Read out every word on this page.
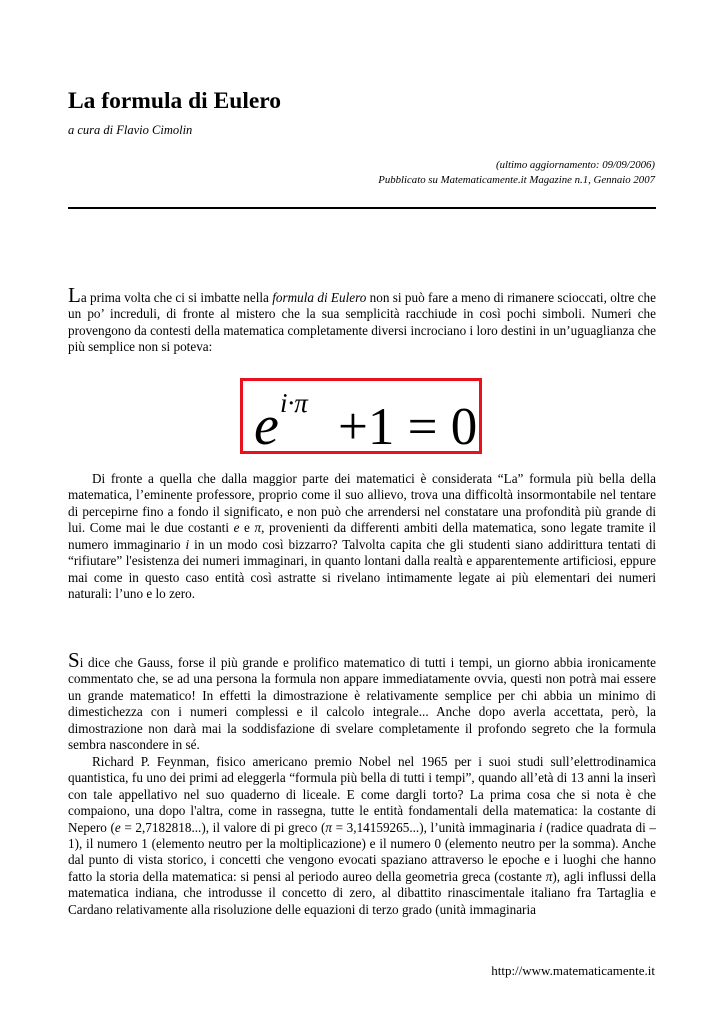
La formula di Eulero
a cura di Flavio Cimolin
(ultimo aggiornamento: 09/09/2006)
Pubblicato su Matematicamente.it Magazine n.1, Gennaio 2007

La prima volta che ci si imbatte nella formula di Eulero non si può fare a meno di rimanere scioccati, oltre che un po’ increduli, di fronte al mistero che la sua semplicità racchiude in così pochi simboli. Numeri che provengono da contesti della matematica completamente diversi incrociano i loro destini in un’uguaglianza che più semplice non si poteva:

e i·π +1 = 0

Di fronte a quella che dalla maggior parte dei matematici è considerata “La” formula più bella della matematica, l’eminente professore, proprio come il suo allievo, trova una difficoltà insormontabile nel tentare di percepirne fino a fondo il significato, e non può che arrendersi nel constatare una profondità più grande di lui. Come mai le due costanti e e π, provenienti da differenti ambiti della matematica, sono legate tramite il numero immaginario i in un modo così bizzarro? Talvolta capita che gli studenti siano addirittura tentati di “rifiutare” l'esistenza dei numeri immaginari, in quanto lontani dalla realtà e apparentemente artificiosi, eppure mai come in questo caso entità così astratte si rivelano intimamente legate ai più elementari dei numeri naturali: l’uno e lo zero.

Si dice che Gauss, forse il più grande e prolifico matematico di tutti i tempi, un giorno abbia ironicamente commentato che, se ad una persona la formula non appare immediatamente ovvia, questi non potrà mai essere un grande matematico! In effetti la dimostrazione è relativamente semplice per chi abbia un minimo di dimestichezza con i numeri complessi e il calcolo integrale... Anche dopo averla accettata, però, la dimostrazione non darà mai la soddisfazione di svelare completamente il profondo segreto che la formula sembra nascondere in sé.

Richard P. Feynman, fisico americano premio Nobel nel 1965 per i suoi studi sull’elettrodinamica quantistica, fu uno dei primi ad eleggerla “formula più bella di tutti i tempi”, quando all’età di 13 anni la inserì con tale appellativo nel suo quaderno di liceale. E come dargli torto? La prima cosa che si nota è che compaiono, una dopo l'altra, come in rassegna, tutte le entità fondamentali della matematica: la costante di Nepero (e = 2,7182818...), il valore di pi greco (π = 3,14159265...), l’unità immaginaria i (radice quadrata di –1), il numero 1 (elemento neutro per la moltiplicazione) e il numero 0 (elemento neutro per la somma). Anche dal punto di vista storico, i concetti che vengono evocati spaziano attraverso le epoche e i luoghi che hanno fatto la storia della matematica: si pensi al periodo aureo della geometria greca (costante π), agli influssi della matematica indiana, che introdusse il concetto di zero, al dibattito rinascimentale italiano fra Tartaglia e Cardano relativamente alla risoluzione delle equazioni di terzo grado (unità immaginaria

http://www.matematicamente.it
